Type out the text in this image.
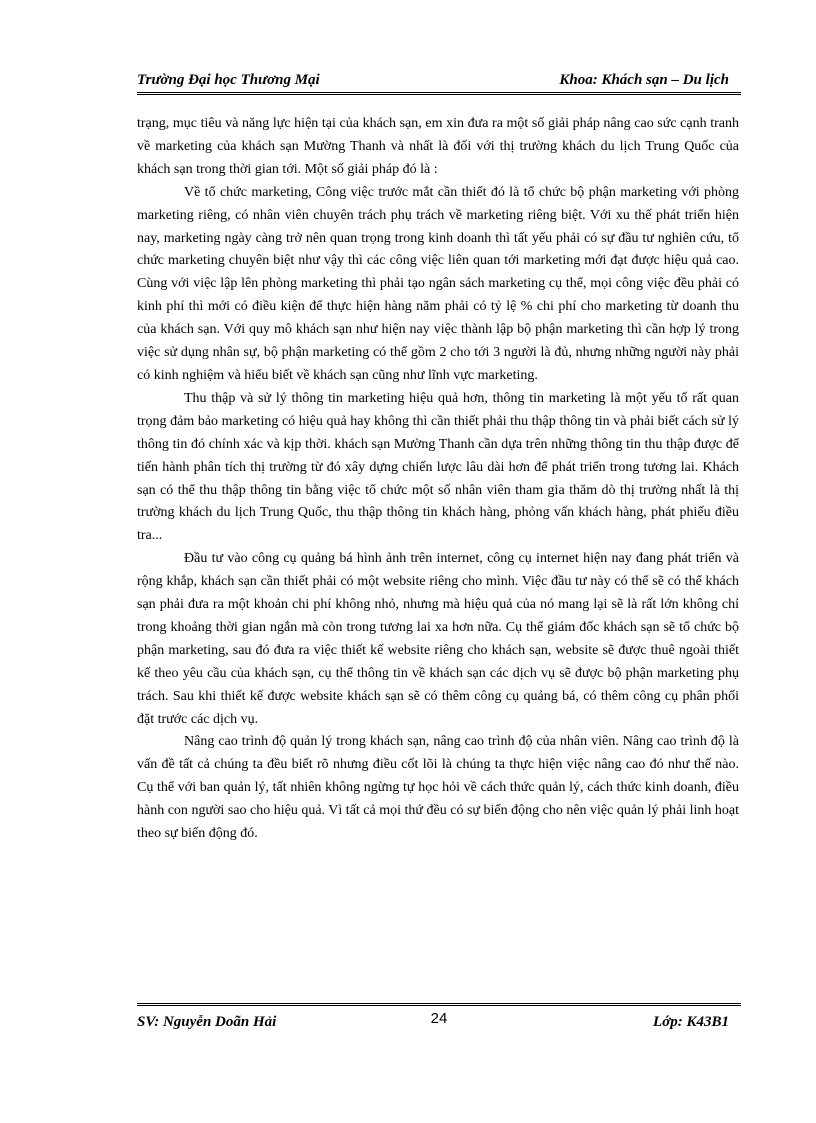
Trường Đại học Thương Mại	Khoa: Khách sạn – Du lịch

trạng, mục tiêu và năng lực hiện tại của khách sạn, em xin đưa ra một số giải pháp nâng cao sức cạnh tranh về marketing của khách sạn Mường Thanh và nhất là đối với thị trường khách du lịch Trung Quốc của khách sạn trong thời gian tới. Một số giải pháp đó là :

Về tổ chức marketing, Công việc trước mắt cần thiết đó là tổ chức bộ phận marketing với phòng marketing riêng, có nhân viên chuyên trách phụ trách về marketing riêng biệt. Với xu thế phát triển hiện nay, marketing ngày càng trở nên quan trọng trong kinh doanh thì tất yếu phải có sự đầu tư nghiên cứu, tổ chức marketing chuyên biệt như vậy thì các công việc liên quan tới marketing mới đạt được hiệu quả cao. Cùng với việc lập lên phòng marketing thì phải tạo ngân sách marketing cụ thể, mọi công việc đều phải có kinh phí thì mới có điều kiện để thực hiện hàng năm phải có tỷ lệ % chi phí cho marketing từ doanh thu của khách sạn. Với quy mô khách sạn như hiện nay việc thành lập bộ phận marketing thì cần hợp lý trong việc sử dụng nhân sự, bộ phận marketing có thể gồm 2 cho tới 3 người là đủ, nhưng những người này phải có kinh nghiệm và hiểu biết về khách sạn cũng như lĩnh vực marketing.

Thu thập và sử lý thông tin marketing hiệu quả hơn, thông tin marketing là một yếu tố rất quan trọng đảm bảo marketing có hiệu quả hay không thì cần thiết phải thu thập thông tin và phải biết cách sử lý thông tin đó chính xác và kịp thời. khách sạn Mường Thanh cần dựa trên những thông tin thu thập được để tiến hành phân tích thị trường từ đó xây dựng chiến lược lâu dài hơn để phát triển trong tương lai. Khách sạn có thể thu thập thông tin bằng việc tổ chức một số nhân viên tham gia thăm dò thị trường nhất là thị trường khách du lịch Trung Quốc, thu thập thông tin khách hàng, phỏng vấn khách hàng, phát phiếu điều tra...

Đầu tư vào công cụ quảng bá hình ảnh trên internet, công cụ internet hiện nay đang phát triển và rộng khắp, khách sạn cần thiết phải có một website riêng cho mình. Việc đầu tư này có thể sẽ có thể khách sạn phải đưa ra một khoản chi phí không nhỏ, nhưng mà hiệu quả của nó mang lại sẽ là rất lớn không chỉ trong khoảng thời gian ngắn mà còn trong tương lai xa hơn nữa. Cụ thể giám đốc khách sạn sẽ tổ chức bộ phận marketing, sau đó đưa ra việc thiết kế website riêng cho khách sạn, website sẽ được thuê ngoài thiết kế theo yêu cầu của khách sạn, cụ thể thông tin về khách sạn các dịch vụ sẽ được bộ phận marketing phụ trách. Sau khi thiết kế được website khách sạn sẽ có thêm công cụ quảng bá, có thêm công cụ phân phối đặt trước các dịch vụ.

Nâng cao trình độ quản lý trong khách sạn, nâng cao trình độ của nhân viên. Nâng cao trình độ là vấn đề tất cả chúng ta đều biết rõ nhưng điều cốt lõi là chúng ta thực hiện việc nâng cao đó như thế nào. Cụ thể với ban quản lý, tất nhiên không ngừng tự học hỏi về cách thức quản lý, cách thức kinh doanh, điều hành con người sao cho hiệu quả. Vì tất cả mọi thứ đều có sự biến động cho nên việc quản lý phải linh hoạt theo sự biến động đó.

SV: Nguyễn Doãn Hải	24	Lớp: K43B1
